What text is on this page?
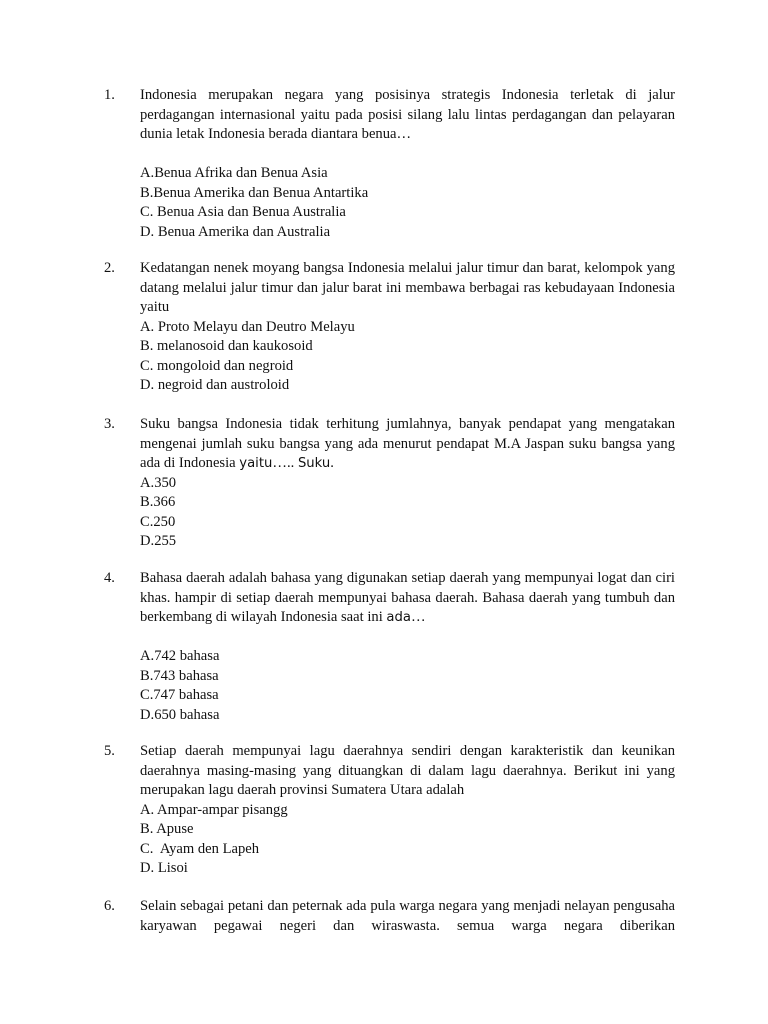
1. Indonesia merupakan negara yang posisinya strategis Indonesia terletak di jalur perdagangan internasional yaitu pada posisi silang lalu lintas perdagangan dan pelayaran dunia letak Indonesia berada diantara benua…
A.Benua Afrika dan Benua Asia
B.Benua Amerika dan Benua Antartika
C. Benua Asia dan Benua Australia
D. Benua Amerika dan Australia
2. Kedatangan nenek moyang bangsa Indonesia melalui jalur timur dan barat, kelompok yang datang melalui jalur timur dan jalur barat ini membawa berbagai ras kebudayaan Indonesia yaitu
A. Proto Melayu dan Deutro Melayu
B. melanosoid dan kaukosoid
C. mongoloid dan negroid
D. negroid dan austroloid
3. Suku bangsa Indonesia tidak terhitung jumlahnya, banyak pendapat yang mengatakan mengenai jumlah suku bangsa yang ada menurut pendapat M.A Jaspan suku bangsa yang ada di Indonesia yaitu….. Suku.
A.350
B.366
C.250
D.255
4. Bahasa daerah adalah bahasa yang digunakan setiap daerah yang mempunyai logat dan ciri khas. hampir di setiap daerah mempunyai bahasa daerah. Bahasa daerah yang tumbuh dan berkembang di wilayah Indonesia saat ini ada…
A.742 bahasa
B.743 bahasa
C.747 bahasa
D.650 bahasa
5. Setiap daerah mempunyai lagu daerahnya sendiri dengan karakteristik dan keunikan daerahnya masing-masing yang dituangkan di dalam lagu daerahnya. Berikut ini yang merupakan lagu daerah provinsi Sumatera Utara adalah
A. Ampar-ampar pisangg
B. Apuse
C.  Ayam den Lapeh
D. Lisoi
6. Selain sebagai petani dan peternak ada pula warga negara yang menjadi nelayan pengusaha karyawan pegawai negeri dan wiraswasta. semua warga negara diberikan
